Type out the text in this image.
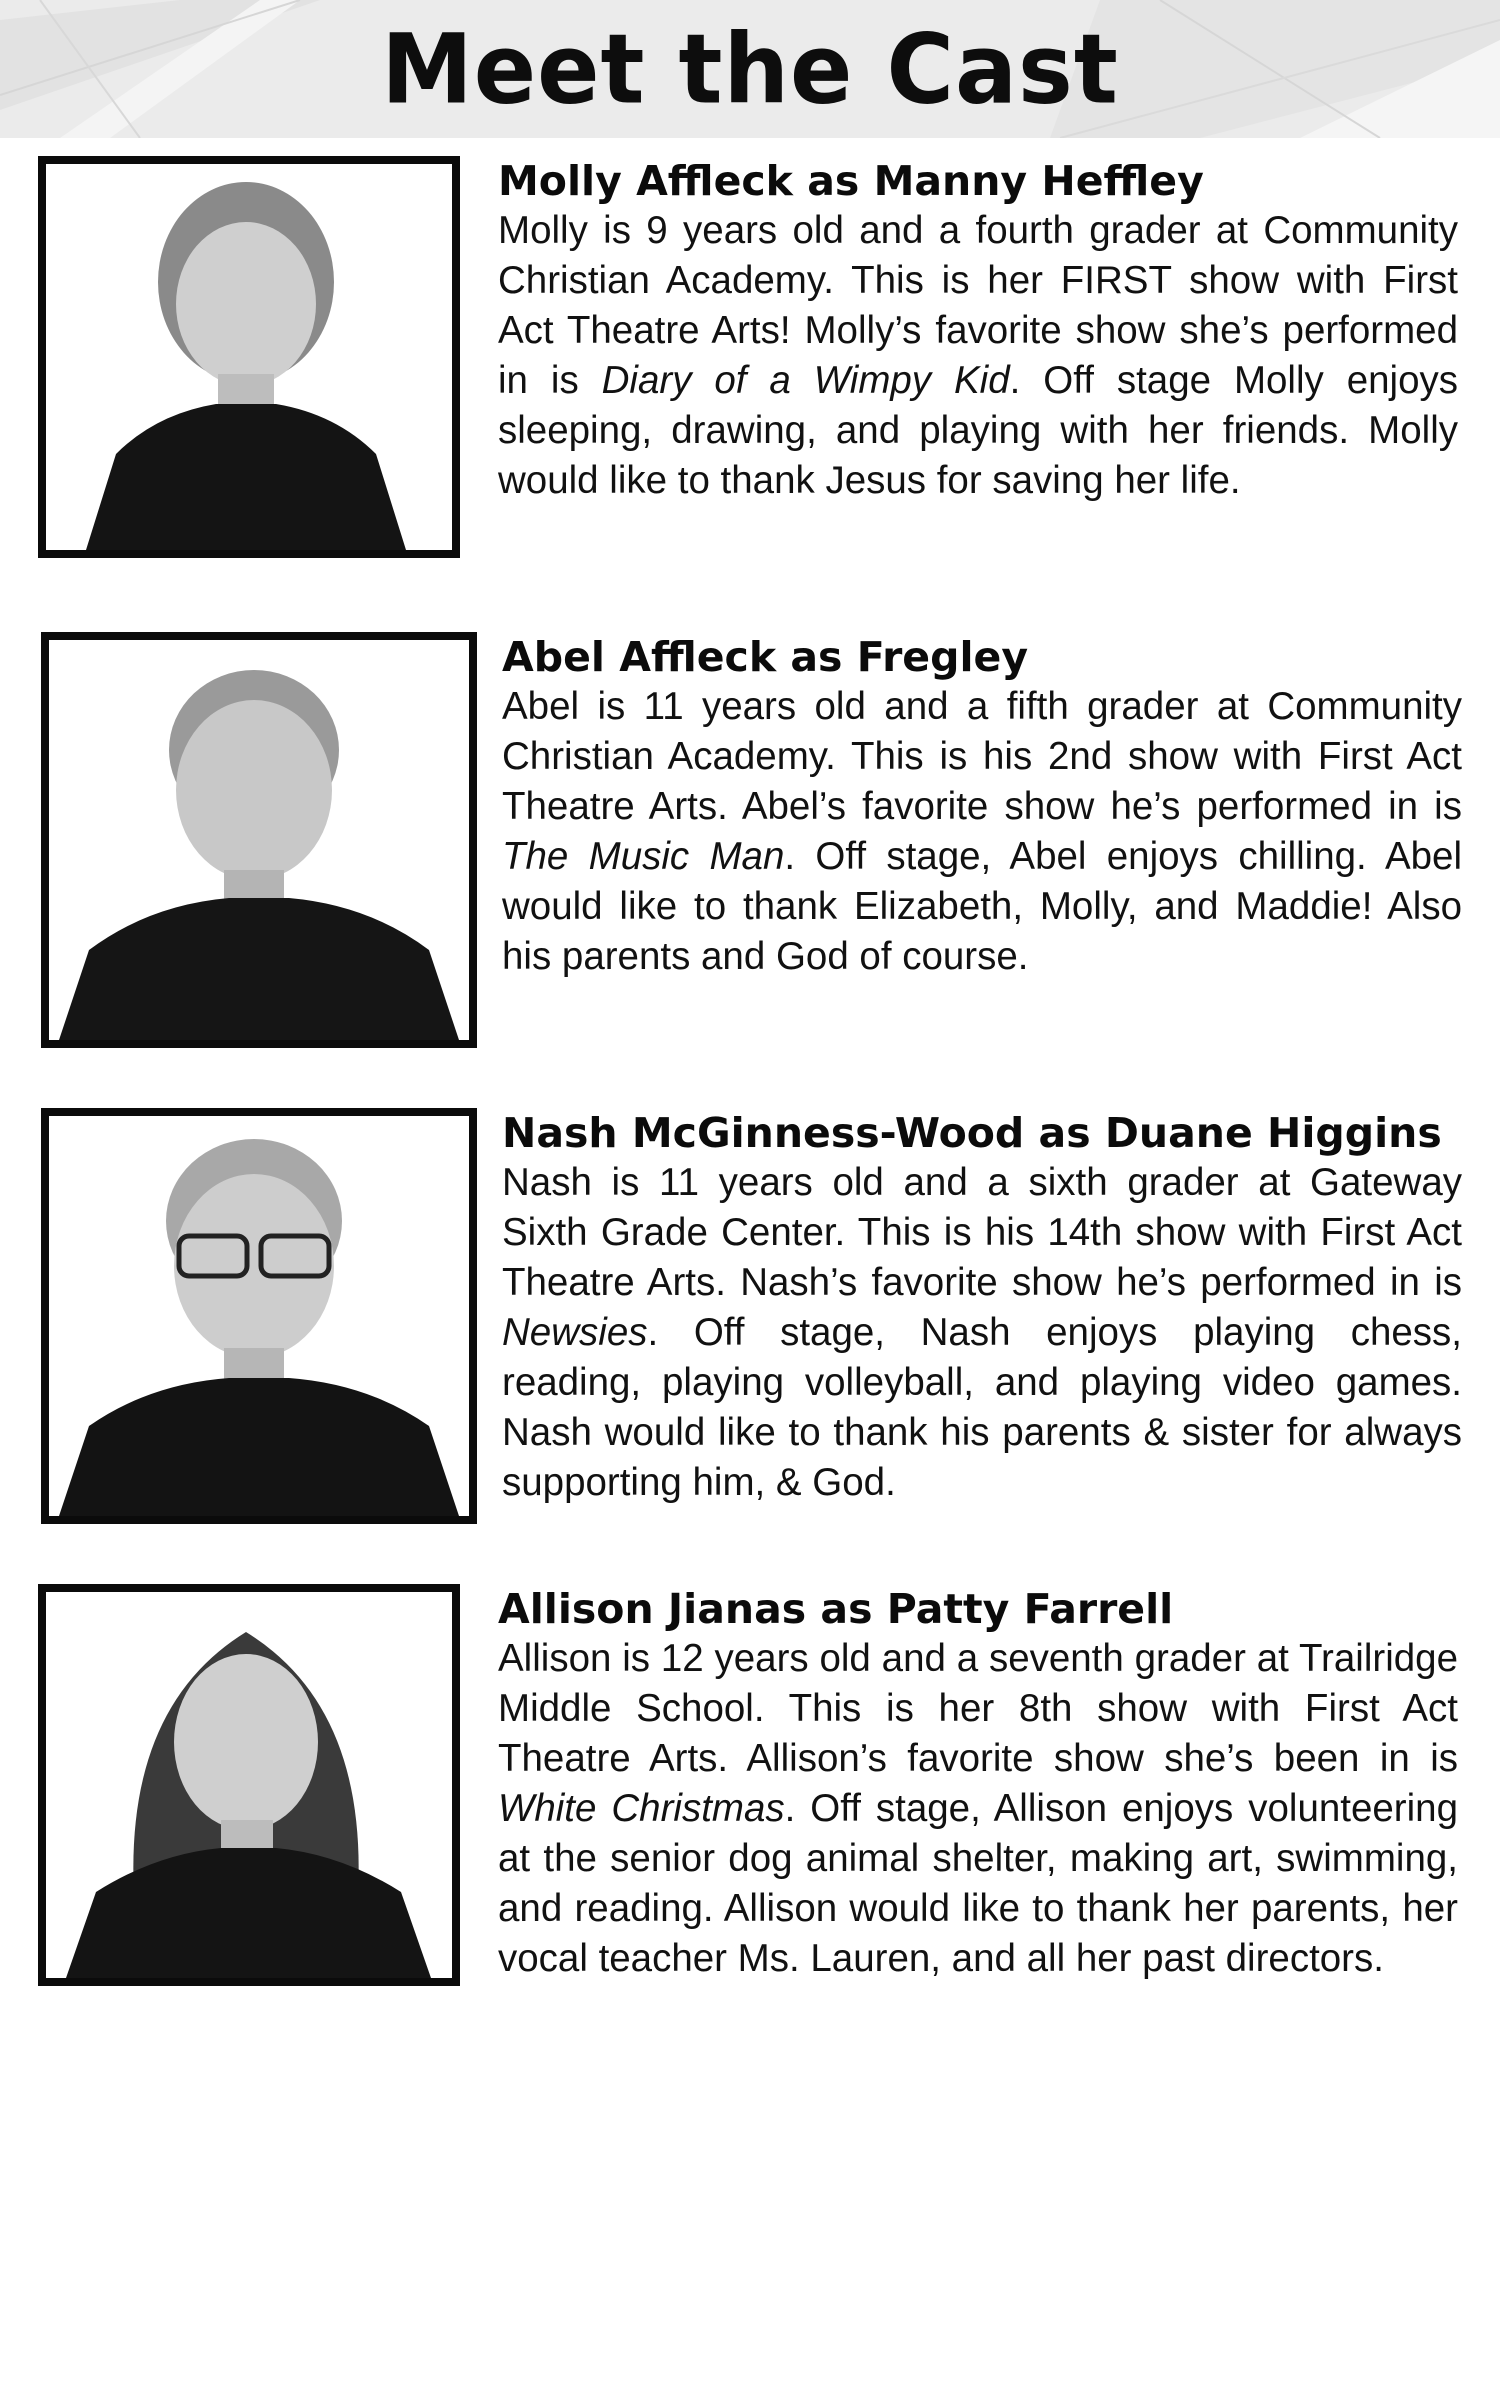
Meet the Cast

Molly Affleck as Manny Heffley

Molly is 9 years old and a fourth grader at Community Christian Academy. This is her FIRST show with First Act Theatre Arts! Molly’s favorite show she’s performed in is Diary of a Wimpy Kid. Off stage Molly enjoys sleeping, drawing, and playing with her friends. Molly would like to thank Jesus for saving her life.

Abel Affleck as Fregley

Abel is 11 years old and a fifth grader at Community Christian Academy. This is his 2nd show with First Act Theatre Arts. Abel’s favorite show he’s performed in is The Music Man. Off stage, Abel enjoys chilling. Abel would like to thank Elizabeth, Molly, and Maddie! Also his parents and God of course.

Nash McGinness-Wood as Duane Higgins

Nash is 11 years old and a sixth grader at Gateway Sixth Grade Center. This is his 14th show with First Act Theatre Arts. Nash’s favorite show he’s performed in is Newsies. Off stage, Nash enjoys playing chess, reading, playing volleyball, and playing video games. Nash would like to thank his parents & sister for always supporting him, & God.

Allison Jianas as Patty Farrell

Allison is 12 years old and a seventh grader at Trailridge Middle School. This is her 8th show with First Act Theatre Arts. Allison’s favorite show she’s been in is White Christmas. Off stage, Allison enjoys volunteering at the senior dog animal shelter, making art, swimming, and reading. Allison would like to thank her parents, her vocal teacher Ms. Lauren, and all her past directors.
